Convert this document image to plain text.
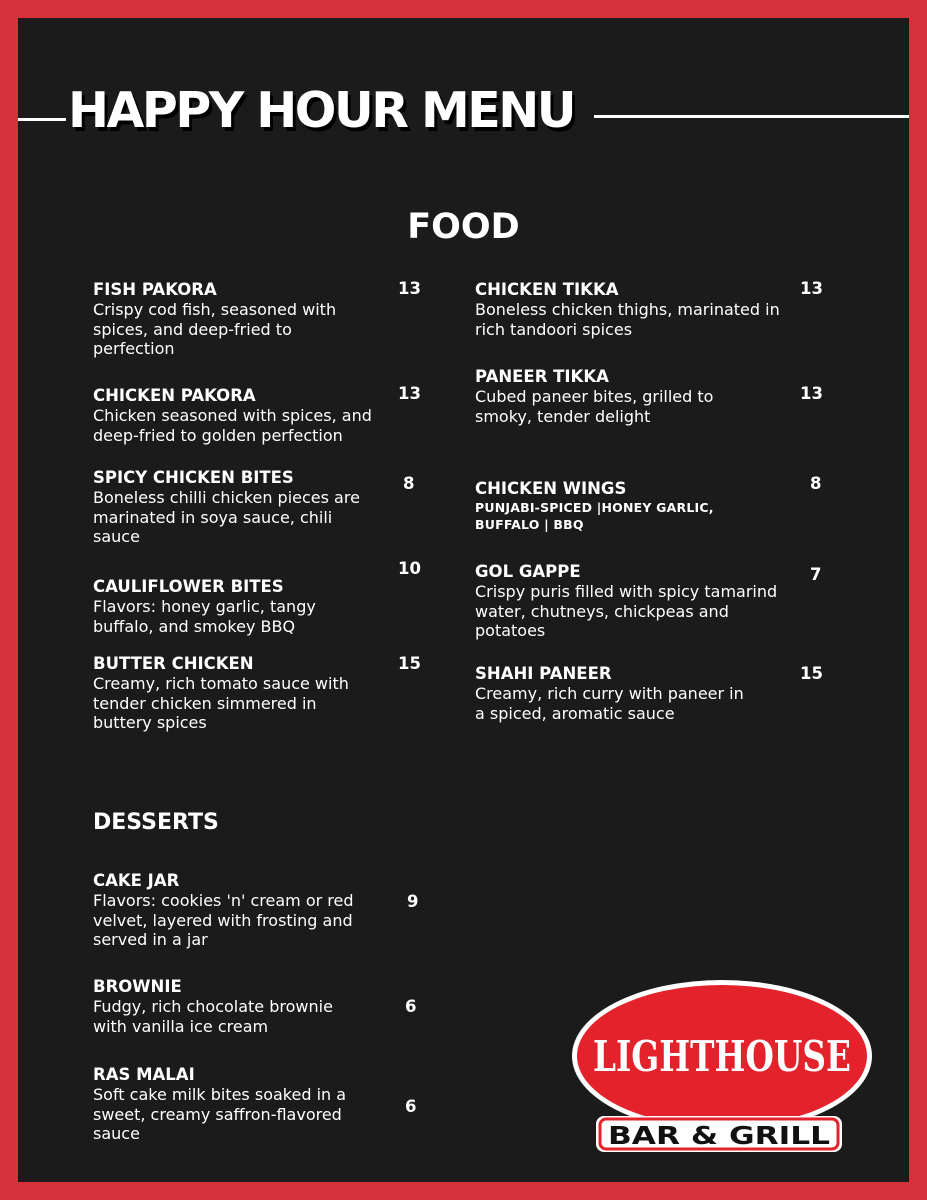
HAPPY HOUR MENU
FOOD
FISH PAKORA
Crispy cod fish, seasoned with spices, and deep-fried to perfection
13
CHICKEN PAKORA
Chicken seasoned with spices, and deep-fried to golden perfection
13
SPICY CHICKEN BITES
Boneless chilli chicken pieces are marinated in soya sauce, chili sauce
8
CAULIFLOWER BITES
Flavors: honey garlic, tangy buffalo, and smokey BBQ
10
BUTTER CHICKEN
Creamy, rich tomato sauce with tender chicken simmered in buttery spices
15
CHICKEN TIKKA
Boneless chicken thighs, marinated in rich tandoori spices
13
PANEER TIKKA
Cubed paneer bites, grilled to smoky, tender delight
13
CHICKEN WINGS
PUNJABI-SPICED |HONEY GARLIC, BUFFALO | BBQ
8
GOL GAPPE
Crispy puris filled with spicy tamarind water, chutneys, chickpeas and potatoes
7
SHAHI PANEER
Creamy, rich curry with paneer in a spiced, aromatic sauce
15
DESSERTS
CAKE JAR
Flavors: cookies 'n' cream or red velvet, layered with frosting and served in a jar
9
BROWNIE
Fudgy, rich chocolate brownie with vanilla ice cream
6
RAS MALAI
Soft cake milk bites soaked in a sweet, creamy saffron-flavored sauce
6
LIGHTHOUSE
BAR & GRILL
